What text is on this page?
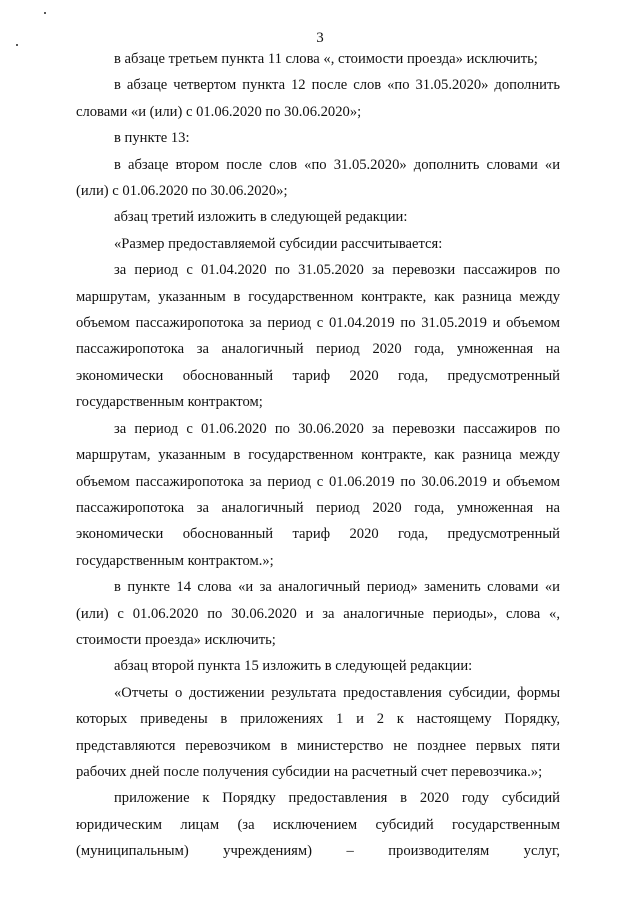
3

в абзаце третьем пункта 11 слова «, стоимости проезда» исключить;

в абзаце четвертом пункта 12 после слов «по 31.05.2020» дополнить словами «и (или) с 01.06.2020 по 30.06.2020»;

в пункте 13:

в абзаце втором после слов «по 31.05.2020» дополнить словами «и (или) с 01.06.2020 по 30.06.2020»;

абзац третий изложить в следующей редакции:

«Размер предоставляемой субсидии рассчитывается:

за период с 01.04.2020 по 31.05.2020 за перевозки пассажиров по маршрутам, указанным в государственном контракте, как разница между объемом пассажиропотока за период с 01.04.2019 по 31.05.2019 и объемом пассажиропотока за аналогичный период 2020 года, умноженная на экономически обоснованный тариф 2020 года, предусмотренный государственным контрактом;

за период с 01.06.2020 по 30.06.2020 за перевозки пассажиров по маршрутам, указанным в государственном контракте, как разница между объемом пассажиропотока за период с 01.06.2019 по 30.06.2019 и объемом пассажиропотока за аналогичный период 2020 года, умноженная на экономически обоснованный тариф 2020 года, предусмотренный государственным контрактом.»;

в пункте 14 слова «и за аналогичный период» заменить словами «и (или) с 01.06.2020 по 30.06.2020 и за аналогичные периоды», слова «, стоимости проезда» исключить;

абзац второй пункта 15 изложить в следующей редакции:

«Отчеты о достижении результата предоставления субсидии, формы которых приведены в приложениях 1 и 2 к настоящему Порядку, представляются перевозчиком в министерство не позднее первых пяти рабочих дней после получения субсидии на расчетный счет перевозчика.»;

приложение к Порядку предоставления в 2020 году субсидий юридическим лицам (за исключением субсидий государственным (муниципальным) учреждениям) – производителям услуг,
